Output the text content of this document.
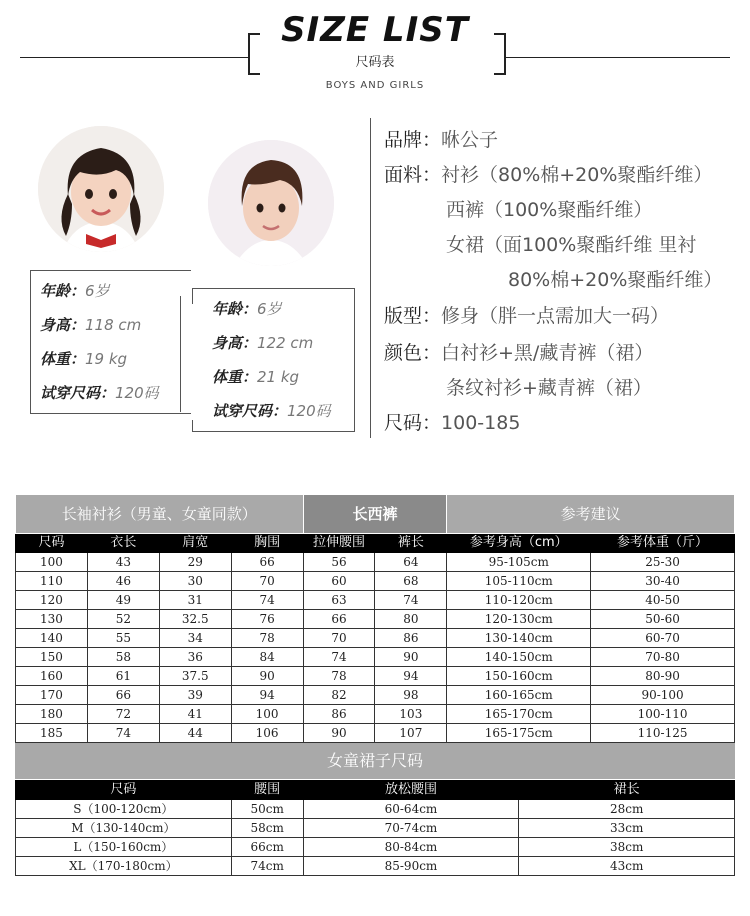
SIZE LIST
尺码表
BOYS AND GIRLS
年龄：6岁
身高：118 cm
体重：19 kg
试穿尺码：120码
年龄：6岁
身高：122 cm
体重：21 kg
试穿尺码：120码
品牌：咻公子
面料：衬衫（80%棉+20%聚酯纤维）
西裤（100%聚酯纤维）
女裙（面100%聚酯纤维 里衬
80%棉+20%聚酯纤维）
版型：修身（胖一点需加大一码）
颜色：白衬衫+黑/藏青裤（裙）
条纹衬衫+藏青裤（裙）
尺码：100-185
长袖衬衫（男童、女童同款）				长西裤		参考建议	
尺码	衣长	肩宽	胸围	拉伸腰围	裤长	参考身高（cm）	参考体重（斤）
100	43	29	66	56	64	95-105cm	25-30
110	46	30	70	60	68	105-110cm	30-40
120	49	31	74	63	74	110-120cm	40-50
130	52	32.5	76	66	80	120-130cm	50-60
140	55	34	78	70	86	130-140cm	60-70
150	58	36	84	74	90	140-150cm	70-80
160	61	37.5	90	78	94	150-160cm	80-90
170	66	39	94	82	98	160-165cm	90-100
180	72	41	100	86	103	165-170cm	100-110
185	74	44	106	90	107	165-175cm	110-125
女童裙子尺码
尺码	腰围	放松腰围	裙长
S（100-120cm）	50cm	60-64cm	28cm
M（130-140cm）	58cm	70-74cm	33cm
L（150-160cm）	66cm	80-84cm	38cm
XL（170-180cm）	74cm	85-90cm	43cm
